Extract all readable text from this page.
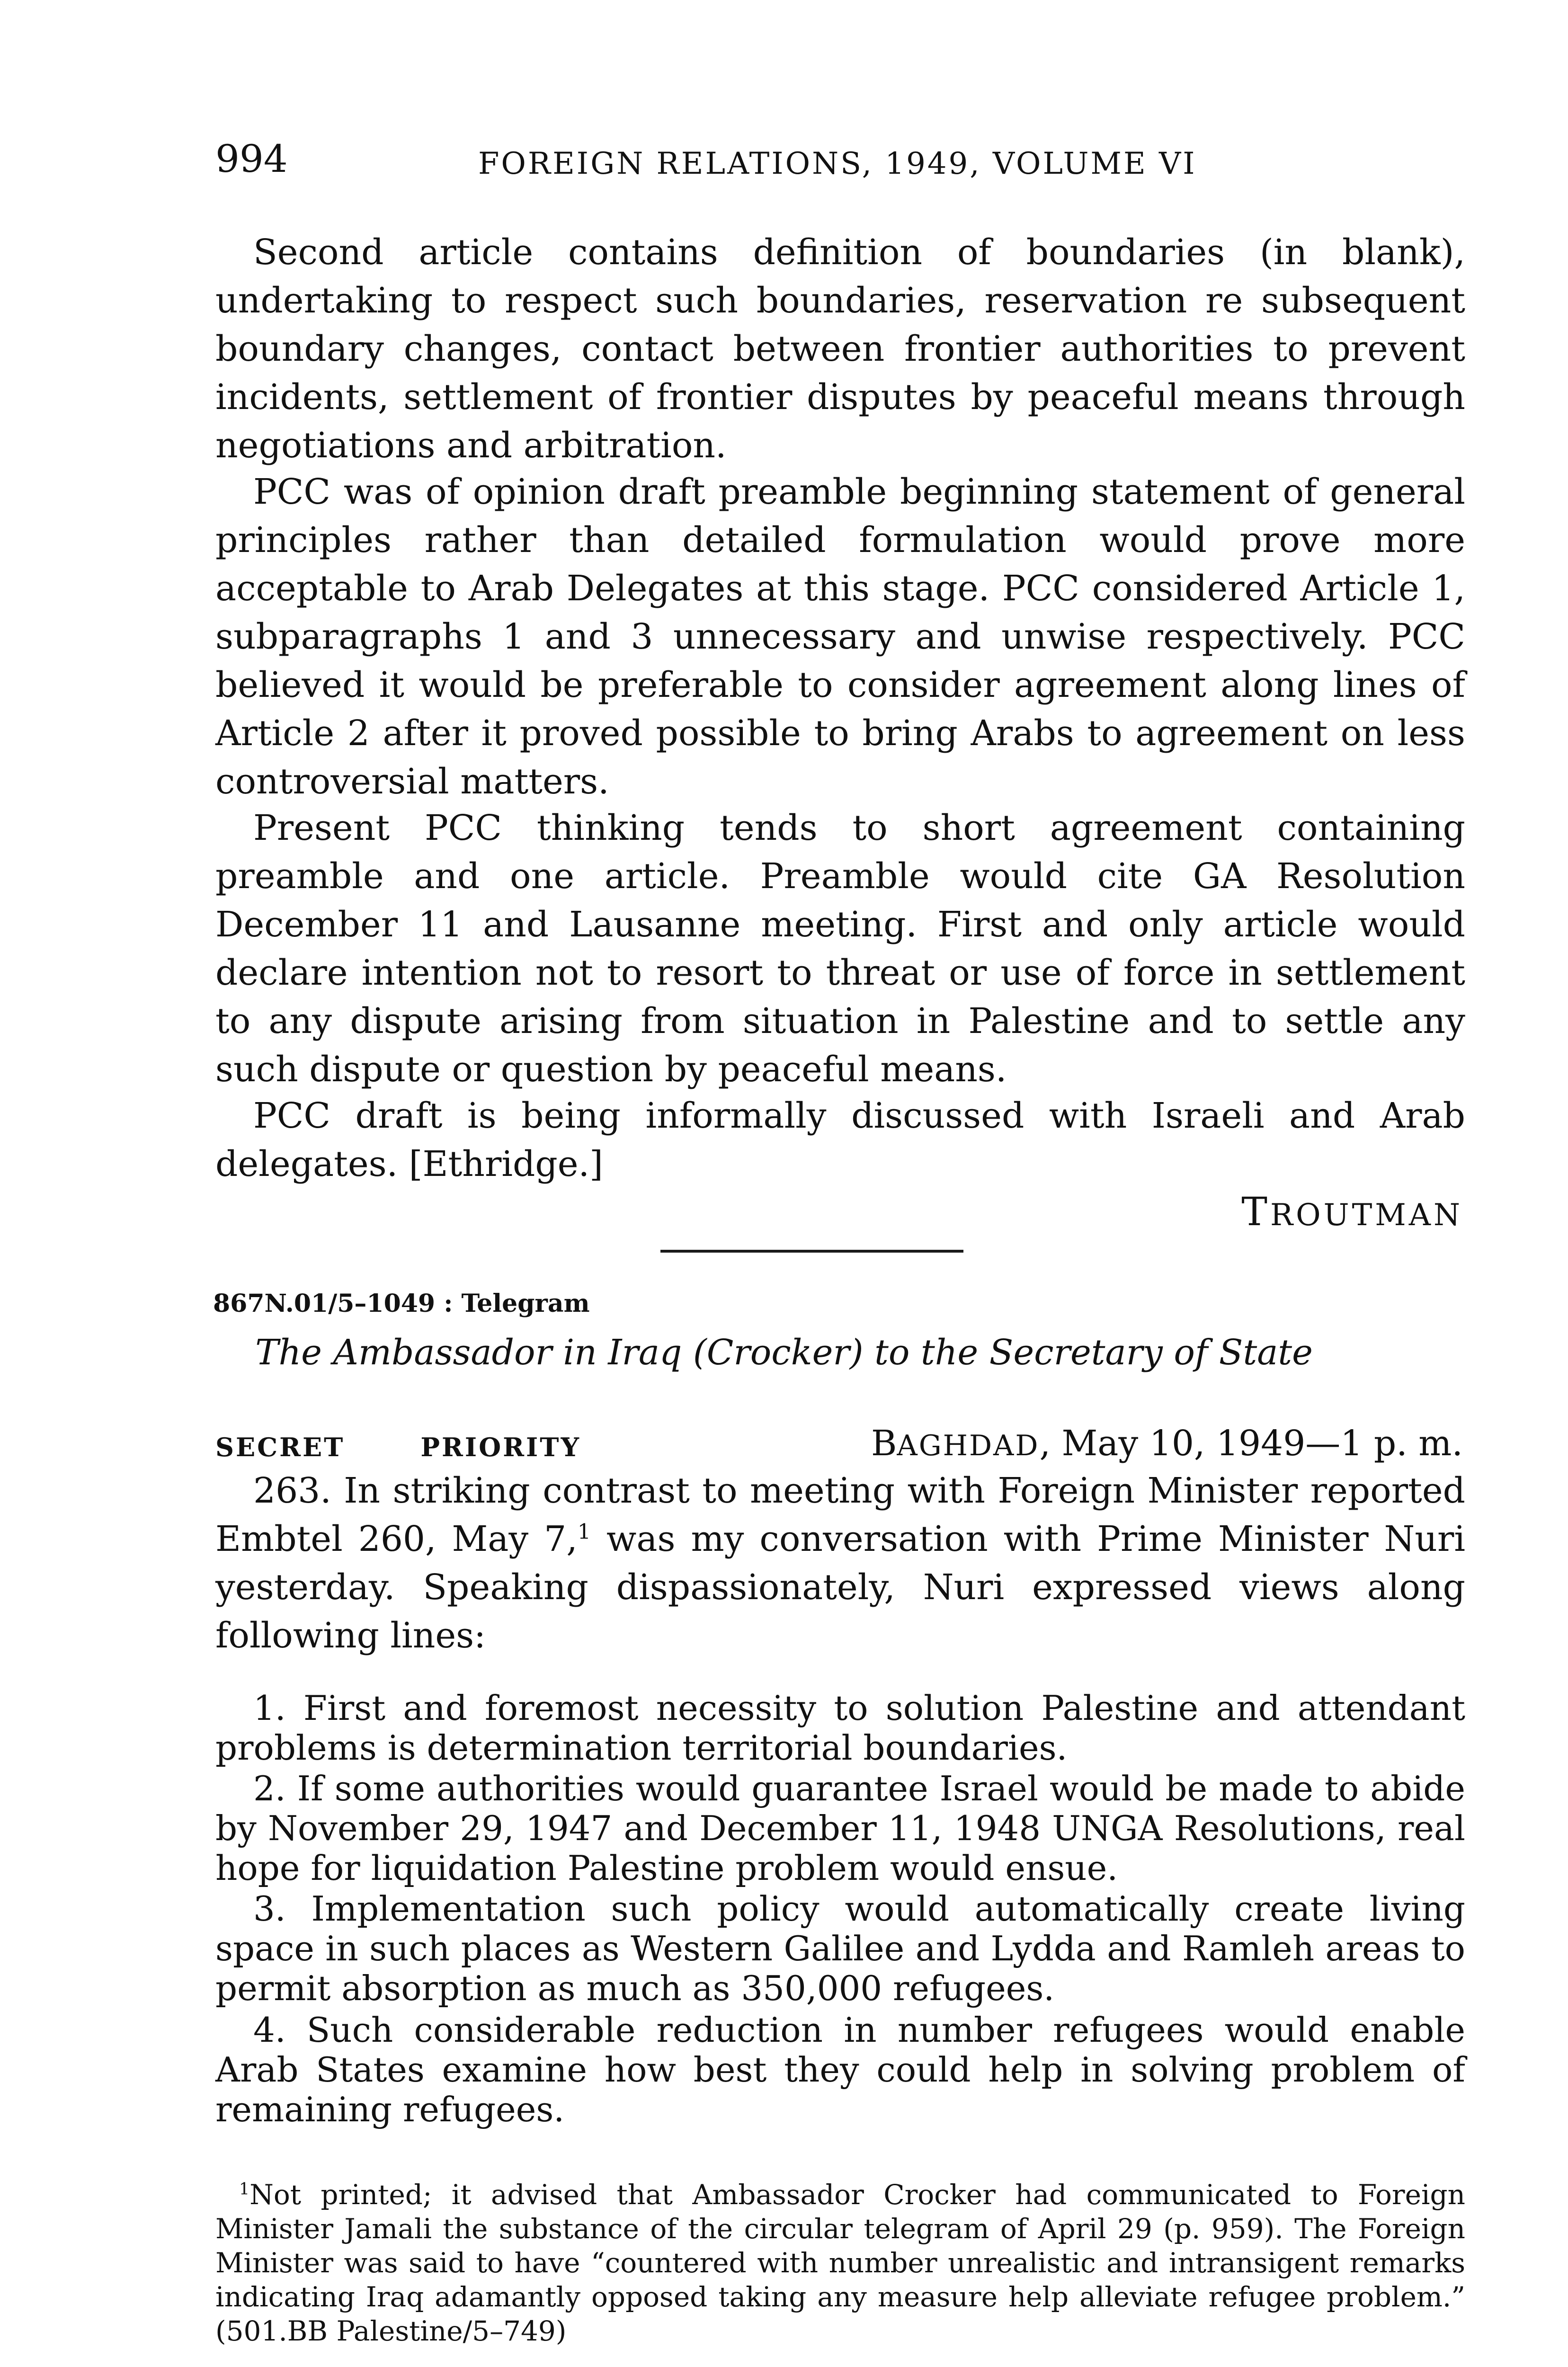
994	FOREIGN RELATIONS, 1949, VOLUME VI

Second article contains definition of boundaries (in blank), undertaking to respect such boundaries, reservation re subsequent boundary changes, contact between frontier authorities to prevent incidents, settlement of frontier disputes by peaceful means through negotiations and arbitration.

PCC was of opinion draft preamble beginning statement of general principles rather than detailed formulation would prove more acceptable to Arab Delegates at this stage. PCC considered Article 1, subparagraphs 1 and 3 unnecessary and unwise respectively. PCC believed it would be preferable to consider agreement along lines of Article 2 after it proved possible to bring Arabs to agreement on less controversial matters.

Present PCC thinking tends to short agreement containing preamble and one article. Preamble would cite GA Resolution December 11 and Lausanne meeting. First and only article would declare intention not to resort to threat or use of force in settlement to any dispute arising from situation in Palestine and to settle any such dispute or question by peaceful means.

PCC draft is being informally discussed with Israeli and Arab delegates. [Ethridge.]

TROUTMAN
867N.01/5–1049 : Telegram
The Ambassador in Iraq (Crocker) to the Secretary of State
SECRET	PRIORITY	BAGHDAD, May 10, 1949—1 p. m.

263. In striking contrast to meeting with Foreign Minister reported Embtel 260, May 7,$^1$ was my conversation with Prime Minister Nuri yesterday. Speaking dispassionately, Nuri expressed views along following lines:

1. First and foremost necessity to solution Palestine and attendant problems is determination territorial boundaries.

2. If some authorities would guarantee Israel would be made to abide by November 29, 1947 and December 11, 1948 UNGA Resolutions, real hope for liquidation Palestine problem would ensue.

3. Implementation such policy would automatically create living space in such places as Western Galilee and Lydda and Ramleh areas to permit absorption as much as 350,000 refugees.

4. Such considerable reduction in number refugees would enable Arab States examine how best they could help in solving problem of remaining refugees.

$^1$Not printed; it advised that Ambassador Crocker had communicated to Foreign Minister Jamali the substance of the circular telegram of April 29 (p. 959). The Foreign Minister was said to have “countered with number unrealistic and intransigent remarks indicating Iraq adamantly opposed taking any measure help alleviate refugee problem.” (501.BB Palestine/5–749)
